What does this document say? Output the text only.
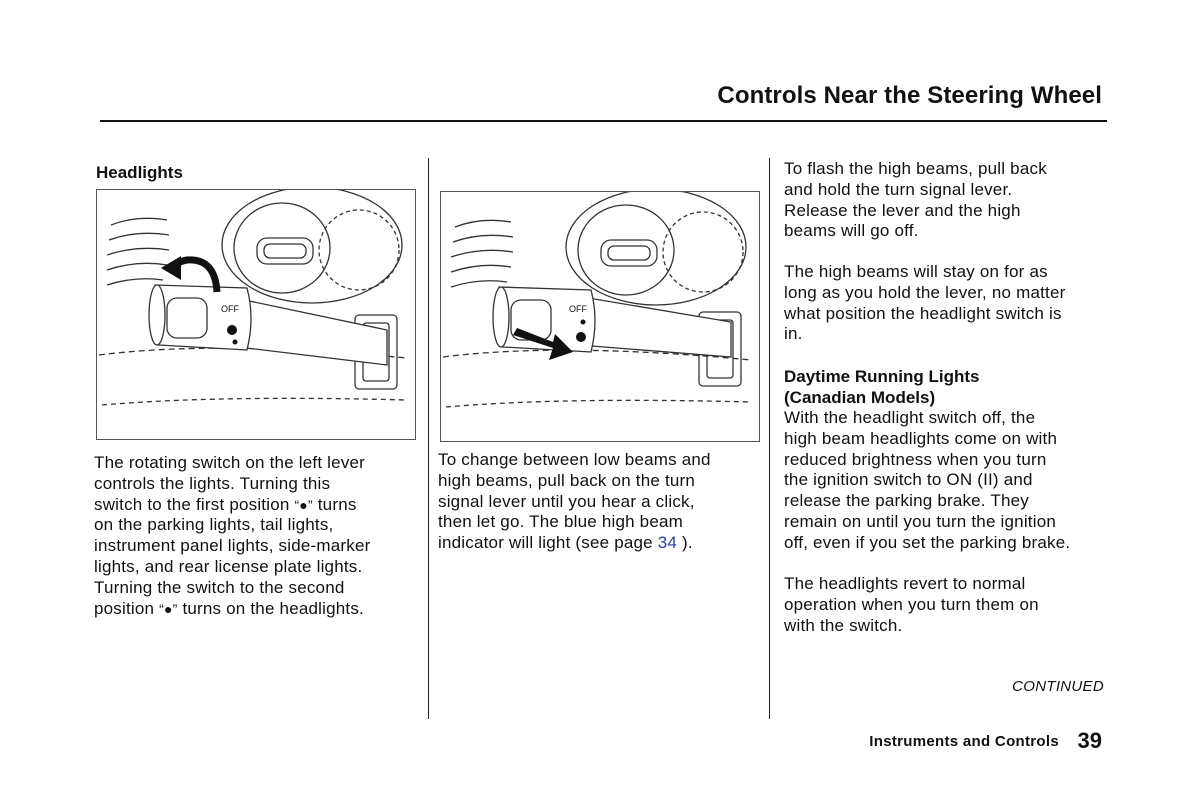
Controls Near the Steering Wheel
Headlights
OFF
The rotating switch on the left lever
controls the lights. Turning this
switch to the first position “●” turns
on the parking lights, tail lights,
instrument panel lights, side-marker
lights, and rear license plate lights.
Turning the switch to the second
position “●” turns on the headlights.
OFF
To change between low beams and
high beams, pull back on the turn
signal lever until you hear a click,
then let go. The blue high beam
indicator will light (see page 34 ).
To flash the high beams, pull back
and hold the turn signal lever.
Release the lever and the high
beams will go off.
The high beams will stay on for as
long as you hold the lever, no matter
what position the headlight switch is
in.
Daytime Running Lights
(Canadian Models)
With the headlight switch off, the
high beam headlights come on with
reduced brightness when you turn
the ignition switch to ON (II) and
release the parking brake. They
remain on until you turn the ignition
off, even if you set the parking brake.
The headlights revert to normal
operation when you turn them on
with the switch.
CONTINUED
Instruments and Controls 39
